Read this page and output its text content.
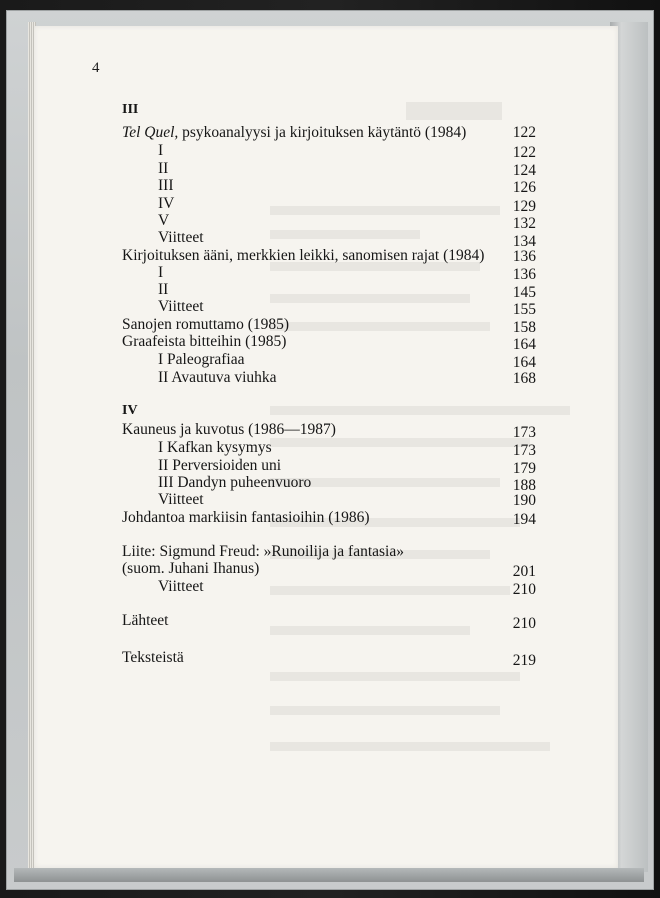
4
III
Tel Quel, psykoanalyysi ja kirjoituksen käytäntö (1984)	122
I	122
II	124
III	126
IV	129
V	132
Viitteet	134
Kirjoituksen ääni, merkkien leikki, sanomisen rajat (1984) 136
I	136
II	145
Viitteet	155
Sanojen romuttamo (1985)	158
Graafeista bitteihin (1985)	164
I Paleografiaa	164
II Avautuva viuhka	168
IV
Kauneus ja kuvotus (1986—1987)	173
I Kafkan kysymys	173
II Perversioiden uni	179
III Dandyn puheenvuoro	188
Viitteet	190
Johdantoa markiisin fantasioihin (1986)	194
Liite: Sigmund Freud: »Runoilija ja fantasia»
(suom. Juhani Ihanus)	201
Viitteet	210
Lähteet	210
Teksteistä	219
